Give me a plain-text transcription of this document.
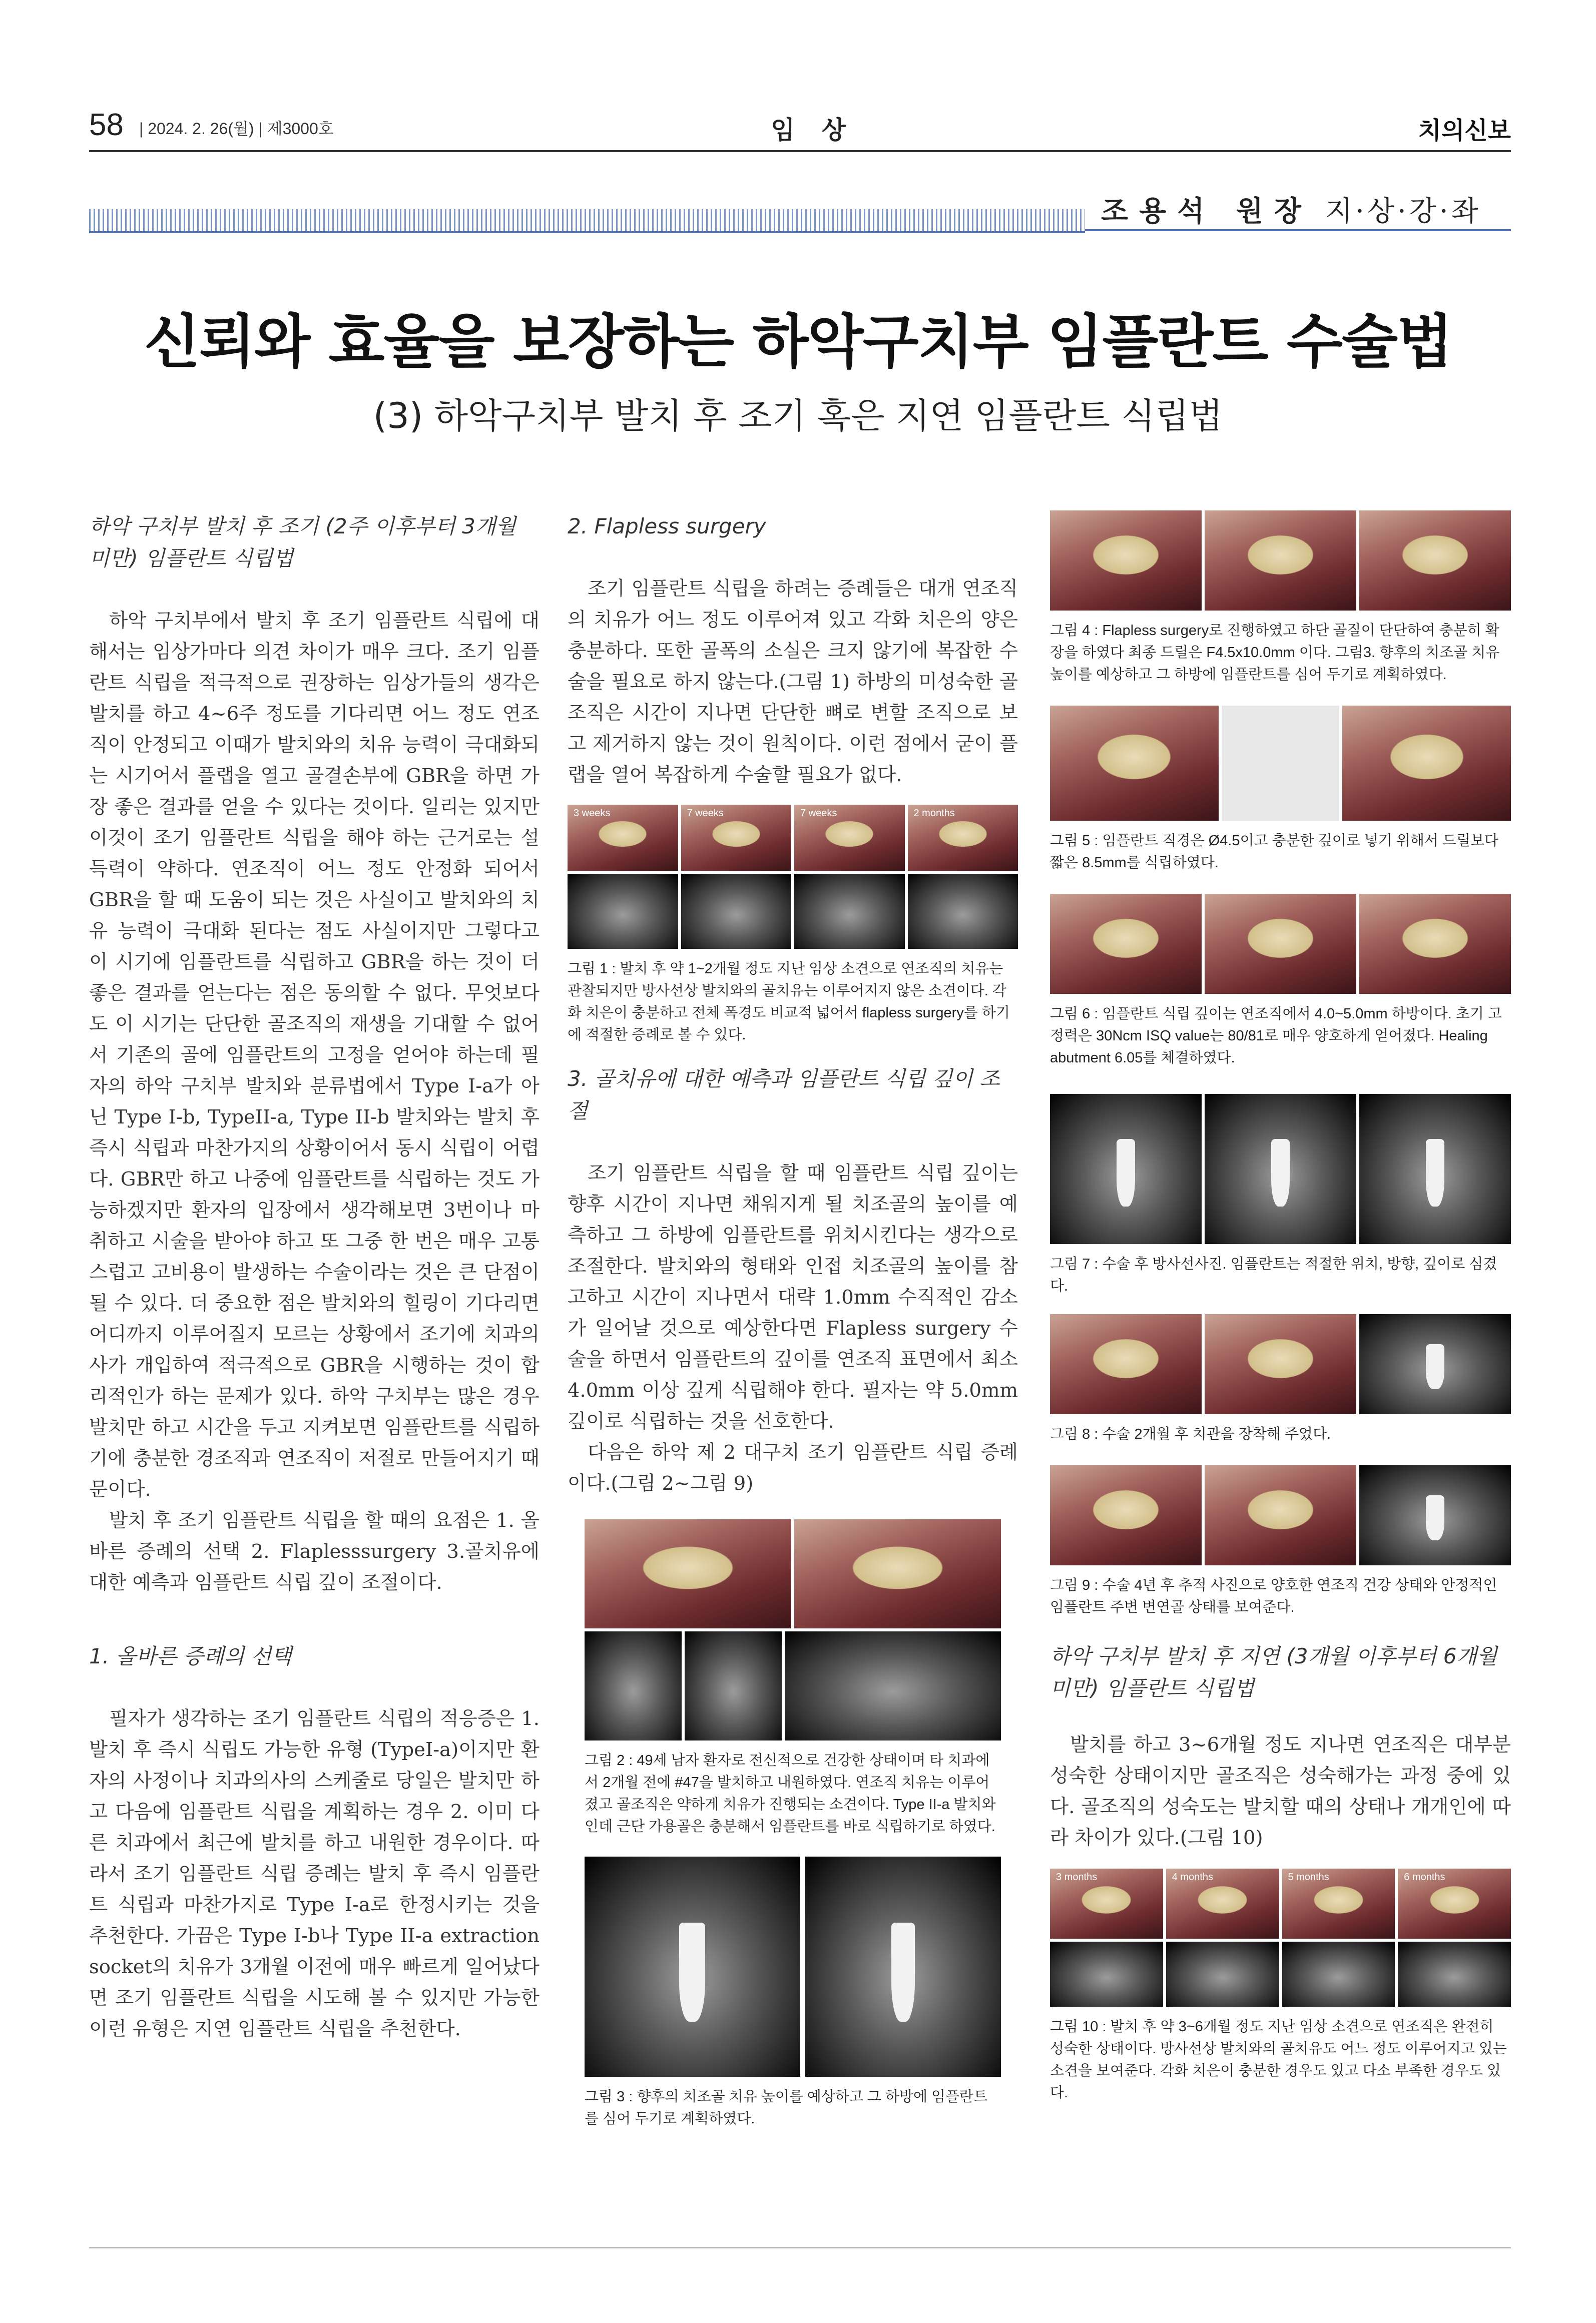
58 | 2024. 2. 26(월) | 제3000호	임 상	치의신보
조용석 원장 지·상·강·좌
신뢰와 효율을 보장하는 하악구치부 임플란트 수술법
(3) 하악구치부 발치 후 조기 혹은 지연 임플란트 식립법
하악 구치부 발치 후 조기 (2주 이후부터 3개월 미만) 임플란트 식립법

하악 구치부에서 발치 후 조기 임플란트 식립에 대해서는 임상가마다 의견 차이가 매우 크다. 조기 임플란트 식립을 적극적으로 권장하는 임상가들의 생각은 발치를 하고 4~6주 정도를 기다리면 어느 정도 연조직이 안정되고 이때가 발치와의 치유 능력이 극대화되는 시기어서 플랩을 열고 골결손부에 GBR을 하면 가장 좋은 결과를 얻을 수 있다는 것이다. 일리는 있지만 이것이 조기 임플란트 식립을 해야 하는 근거로는 설득력이 약하다. 연조직이 어느 정도 안정화 되어서 GBR을 할 때 도움이 되는 것은 사실이고 발치와의 치유 능력이 극대화 된다는 점도 사실이지만 그렇다고 이 시기에 임플란트를 식립하고 GBR을 하는 것이 더 좋은 결과를 얻는다는 점은 동의할 수 없다. 무엇보다도 이 시기는 단단한 골조직의 재생을 기대할 수 없어서 기존의 골에 임플란트의 고정을 얻어야 하는데 필자의 하악 구치부 발치와 분류법에서 Type I-a가 아닌 Type I-b, TypeII-a, Type II-b 발치와는 발치 후 즉시 식립과 마찬가지의 상황이어서 동시 식립이 어렵다. GBR만 하고 나중에 임플란트를 식립하는 것도 가능하겠지만 환자의 입장에서 생각해보면 3번이나 마취하고 시술을 받아야 하고 또 그중 한 번은 매우 고통스럽고 고비용이 발생하는 수술이라는 것은 큰 단점이 될 수 있다. 더 중요한 점은 발치와의 힐링이 기다리면 어디까지 이루어질지 모르는 상황에서 조기에 치과의사가 개입하여 적극적으로 GBR을 시행하는 것이 합리적인가 하는 문제가 있다. 하악 구치부는 많은 경우 발치만 하고 시간을 두고 지켜보면 임플란트를 식립하기에 충분한 경조직과 연조직이 저절로 만들어지기 때문이다.

발치 후 조기 임플란트 식립을 할 때의 요점은 1. 올바른 증례의 선택 2. Flaplesssurgery 3.골치유에 대한 예측과 임플란트 식립 깊이 조절이다.

1. 올바른 증례의 선택

필자가 생각하는 조기 임플란트 식립의 적응증은 1. 발치 후 즉시 식립도 가능한 유형 (TypeI-a)이지만 환자의 사정이나 치과의사의 스케줄로 당일은 발치만 하고 다음에 임플란트 식립을 계획하는 경우 2. 이미 다른 치과에서 최근에 발치를 하고 내원한 경우이다. 따라서 조기 임플란트 식립 증례는 발치 후 즉시 임플란트 식립과 마찬가지로 Type I-a로 한정시키는 것을 추천한다. 가끔은 Type I-b나 Type II-a extraction socket의 치유가 3개월 이전에 매우 빠르게 일어났다면 조기 임플란트 식립을 시도해 볼 수 있지만 가능한 이런 유형은 지연 임플란트 식립을 추천한다.

2. Flapless surgery

조기 임플란트 식립을 하려는 증례들은 대개 연조직의 치유가 어느 정도 이루어져 있고 각화 치은의 양은 충분하다. 또한 골폭의 소실은 크지 않기에 복잡한 수술을 필요로 하지 않는다.(그림 1) 하방의 미성숙한 골조직은 시간이 지나면 단단한 뼈로 변할 조직으로 보고 제거하지 않는 것이 원칙이다. 이런 점에서 굳이 플랩을 열어 복잡하게 수술할 필요가 없다.

3 weeks	7 weeks	7 weeks	2 months
그림 1 : 발치 후 약 1~2개월 정도 지난 임상 소견으로 연조직의 치유는 관찰되지만 방사선상 발치와의 골치유는 이루어지지 않은 소견이다. 각화 치은이 충분하고 전체 폭경도 비교적 넓어서 flapless surgery를 하기에 적절한 증례로 볼 수 있다.
3. 골치유에 대한 예측과 임플란트 식립 깊이 조절

조기 임플란트 식립을 할 때 임플란트 식립 깊이는 향후 시간이 지나면 채워지게 될 치조골의 높이를 예측하고 그 하방에 임플란트를 위치시킨다는 생각으로 조절한다. 발치와의 형태와 인접 치조골의 높이를 참고하고 시간이 지나면서 대략 1.0mm 수직적인 감소가 일어날 것으로 예상한다면 Flapless surgery 수술을 하면서 임플란트의 깊이를 연조직 표면에서 최소 4.0mm 이상 깊게 식립해야 한다. 필자는 약 5.0mm 깊이로 식립하는 것을 선호한다.

다음은 하악 제 2 대구치 조기 임플란트 식립 증례이다.(그림 2~그림 9)

그림 2 : 49세 남자 환자로 전신적으로 건강한 상태이며 타 치과에서 2개월 전에 #47을 발치하고 내원하였다. 연조직 치유는 이루어졌고 골조직은 약하게 치유가 진행되는 소견이다. Type II-a 발치와인데 근단 가용골은 충분해서 임플란트를 바로 식립하기로 하였다.
그림 3 : 향후의 치조골 치유 높이를 예상하고 그 하방에 임플란트를 심어 두기로 계획하였다.
그림 4 : Flapless surgery로 진행하였고 하단 골질이 단단하여 충분히 확장을 하였다 최종 드릴은 F4.5x10.0mm 이다. 그림3. 향후의 치조골 치유 높이를 예상하고 그 하방에 임플란트를 심어 두기로 계획하였다.
그림 5 : 임플란트 직경은 Ø4.5이고 충분한 깊이로 넣기 위해서 드릴보다 짧은 8.5mm를 식립하였다.
그림 6 : 임플란트 식립 깊이는 연조직에서 4.0~5.0mm 하방이다. 초기 고정력은 30Ncm ISQ value는 80/81로 매우 양호하게 얻어졌다. Healing abutment 6.05를 체결하였다.
그림 7 : 수술 후 방사선사진. 임플란트는 적절한 위치, 방향, 깊이로 심겼다.
그림 8 : 수술 2개월 후 치관을 장착해 주었다.
그림 9 : 수술 4년 후 추적 사진으로 양호한 연조직 건강 상태와 안정적인 임플란트 주변 변연골 상태를 보여준다.
하악 구치부 발치 후 지연 (3개월 이후부터 6개월 미만) 임플란트 식립법

발치를 하고 3~6개월 정도 지나면 연조직은 대부분 성숙한 상태이지만 골조직은 성숙해가는 과정 중에 있다. 골조직의 성숙도는 발치할 때의 상태나 개개인에 따라 차이가 있다.(그림 10)

3 months	4 months	5 months	6 months
그림 10 : 발치 후 약 3~6개월 정도 지난 임상 소견으로 연조직은 완전히 성숙한 상태이다. 방사선상 발치와의 골치유도 어느 정도 이루어지고 있는 소견을 보여준다. 각화 치은이 충분한 경우도 있고 다소 부족한 경우도 있다.
